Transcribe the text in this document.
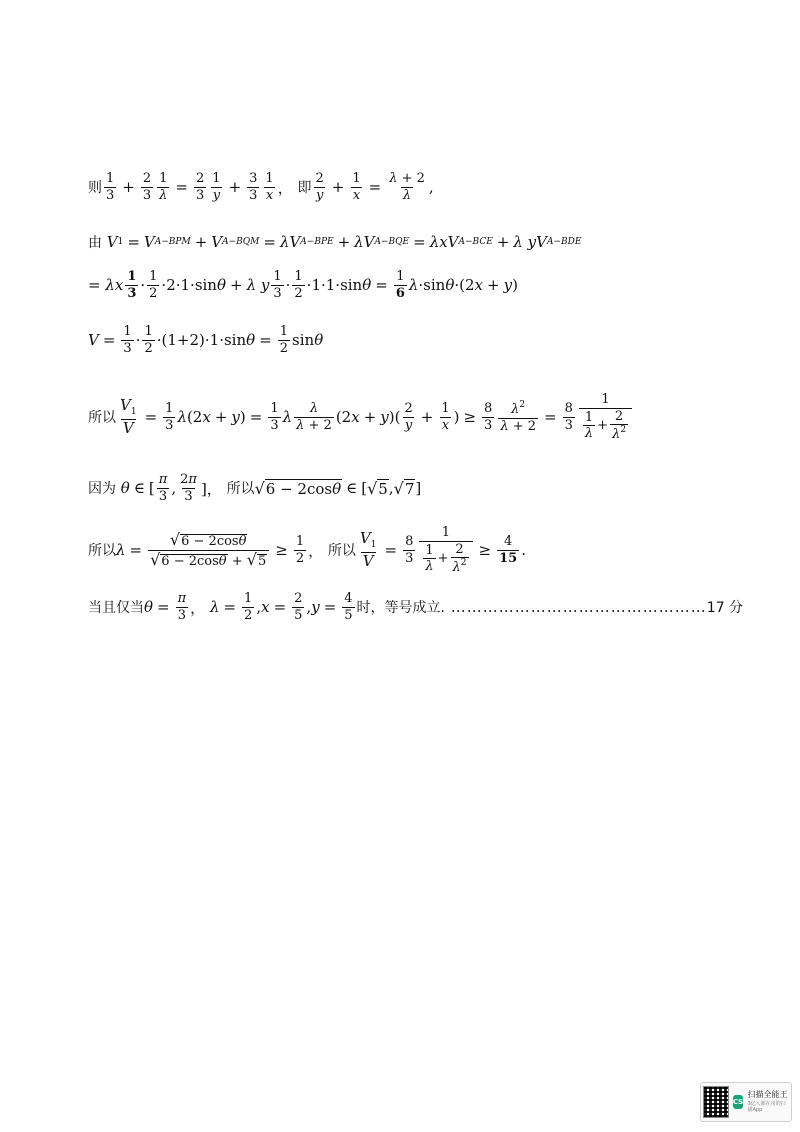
则 $\frac{1}{3} + \frac{2}{3} \frac{1}{\lambda} = \frac{2}{3} \frac{1}{y} + \frac{3}{3} \frac{1}{x}$ ， 即 $\frac{2}{y} + \frac{1}{x} = \frac{\lambda + 2}{\lambda}$ ,
由 V 1 = V A−BPM + V A−BQM = λV A−BPE + λV A−BQE = λxV A−BCE + λ yV A−BDE
= λx $\frac{1}{3} \cdot \frac{1}{2} \cdot 2\cdot 1\cdot\sin$ θ + λ y $\frac{1}{3} \cdot \frac{1}{2} \cdot 1\cdot 1\cdot\sin$ $\theta = \frac{1}{6}$ λ ·sin θ ·(2 x + y )
$V = \frac{1}{3} \cdot \frac{1}{2} \cdot(1+2)\cdot 1\cdot\sin$ $\theta = \frac{1}{2}$ sin θ
所以 $\frac{V_1}{V} = \frac{1}{3}$ λ (2 x + y ) = $\frac{1}{3}$ λ $\frac{\lambda}{\lambda + 2} (2$ x + y )( $\frac{2}{y} + \frac{1}{x}$ ) ≥ $\frac{8}{3} \frac{\lambda^2}{\lambda + 2} = \frac{8}{3} \frac{1}{\frac{1}{\lambda} + \frac{2}{\lambda^2}}$
因为 θ ∈ [ $\frac{\pi}{3}$ , $\frac{2\pi}{3}$ ]， 所以 √ 6 − 2cosθ ∈ [ √ 5 , √ 7 ]
所以 $\lambda = \frac{√ 6 - 2\cos\theta}{√ 6 - 2\cos\theta + √ 5} \ge \frac{1}{2}$ ， 所以 $\frac{V_1}{V} = \frac{8}{3} \frac{1}{\frac{1}{\lambda} + \frac{2}{\lambda^2}} \ge \frac{4}{15}$ .
当且仅当 $\theta = \frac{\pi}{3}$ ， $\lambda = \frac{1}{2}$ , $x = \frac{2}{5}$ , $y = \frac{4}{5}$ 时，等号成立. ………………………………………… 17 分
CS
扫描全能王
3亿人都在用的扫描App
